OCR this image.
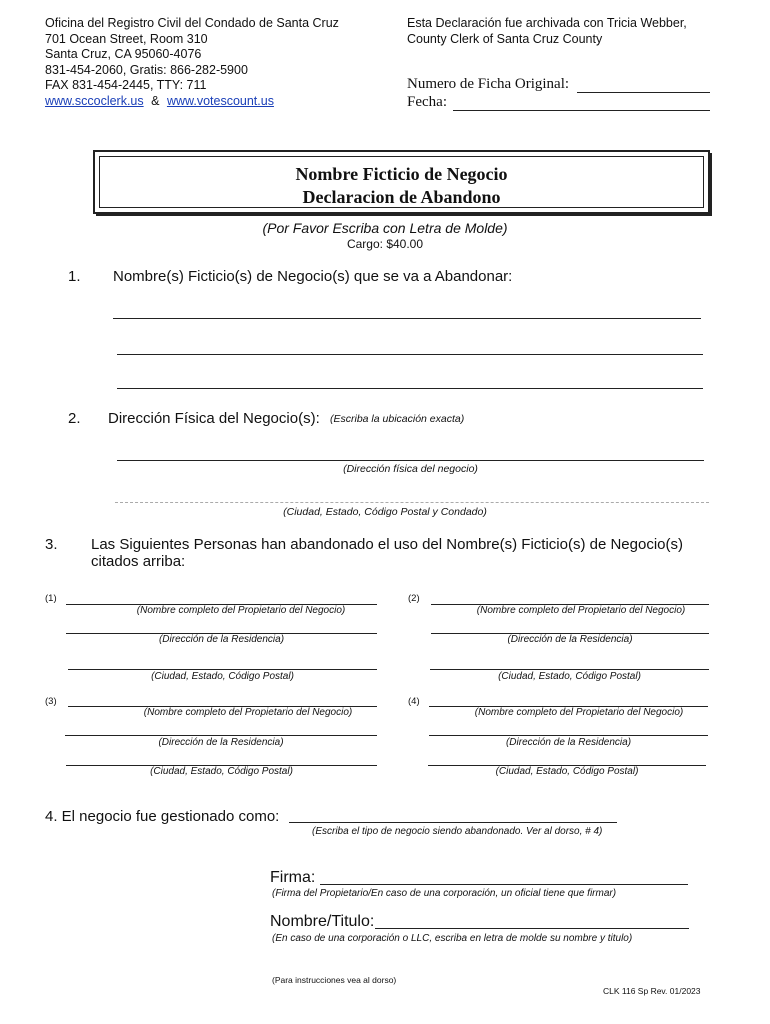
Oficina del Registro Civil del Condado de Santa Cruz
701 Ocean Street, Room 310
Santa Cruz, CA 95060-4076
831-454-2060, Gratis: 866-282-5900
FAX 831-454-2445, TTY: 711
www.sccoclerk.us & www.votescount.us
Esta Declaración fue archivada con Tricia Webber,
County Clerk of Santa Cruz County
Numero de Ficha Original:
Fecha:
Nombre Ficticio de Negocio
Declaracion de Abandono
(Por Favor Escriba con Letra de Molde)
Cargo: $40.00
1. Nombre(s) Ficticio(s) de Negocio(s) que se va a Abandonar:
2. Dirección Física del Negocio(s): (Escriba la ubicación exacta)
(Dirección física del negocio)
(Ciudad, Estado, Código Postal y Condado)
3. Las Siguientes Personas han abandonado el uso del Nombre(s) Ficticio(s) de Negocio(s)
citados arriba:
(1)
(Nombre completo del Propietario del Negocio)
(Dirección de la Residencia)
(Ciudad, Estado, Código Postal)
(2)
(Nombre completo del Propietario del Negocio)
(Dirección de la Residencia)
(Ciudad, Estado, Código Postal)
(3)
(Nombre completo del Propietario del Negocio)
(Dirección de la Residencia)
(Ciudad, Estado, Código Postal)
(4)
(Nombre completo del Propietario del Negocio)
(Dirección de la Residencia)
(Ciudad, Estado, Código Postal)
4. El negocio fue gestionado como:
(Escriba el tipo de negocio siendo abandonado. Ver al dorso, # 4)
Firma:
(Firma del Propietario/En caso de una corporación, un oficial tiene que firmar)
Nombre/Titulo:
(En caso de una corporación o LLC, escriba en letra de molde su nombre y titulo)
(Para instrucciones vea al dorso)
CLK 116 Sp Rev. 01/2023
